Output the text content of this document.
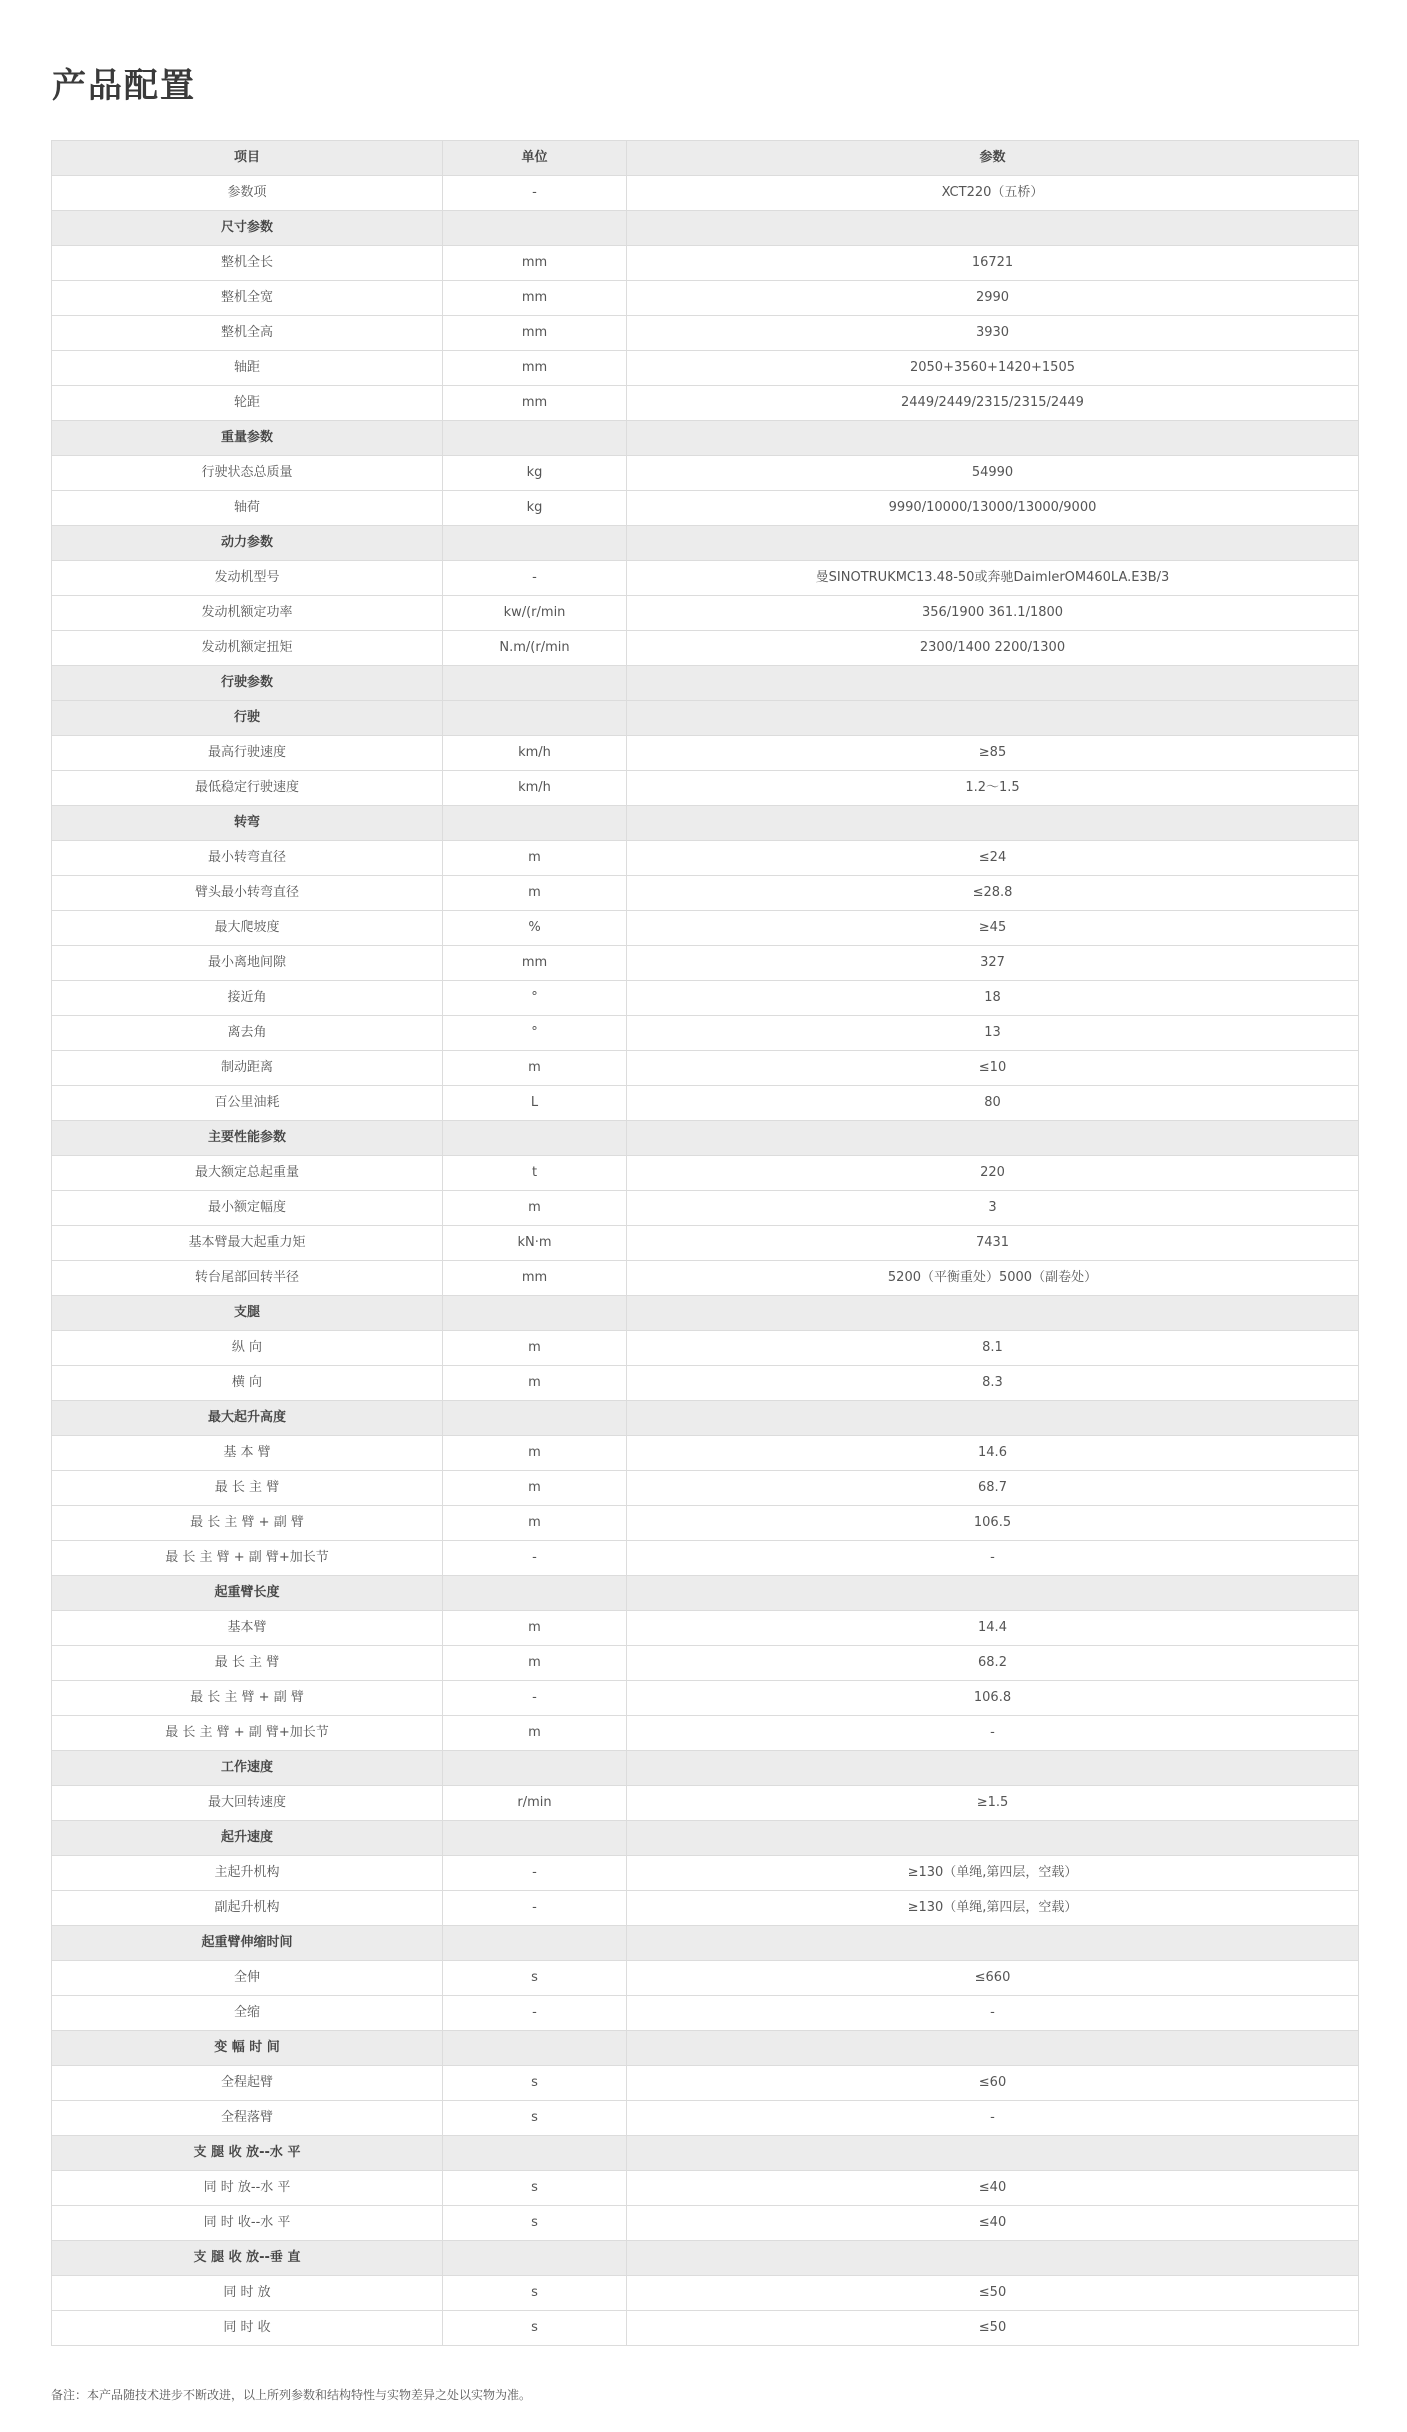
产品配置
项目	单位	参数
参数项	-	XCT220（五桥）
尺寸参数		
整机全长	mm	16721
整机全宽	mm	2990
整机全高	mm	3930
轴距	mm	2050+3560+1420+1505
轮距	mm	2449/2449/2315/2315/2449
重量参数		
行驶状态总质量	kg	54990
轴荷	kg	9990/10000/13000/13000/9000
动力参数		
发动机型号	-	曼SINOTRUKMC13.48-50或奔驰DaimlerOM460LA.E3B/3
发动机额定功率	kw/(r/min	356/1900 361.1/1800
发动机额定扭矩	N.m/(r/min	2300/1400 2200/1300
行驶参数		
行驶		
最高行驶速度	km/h	≥85
最低稳定行驶速度	km/h	1.2～1.5
转弯		
最小转弯直径	m	≤24
臂头最小转弯直径	m	≤28.8
最大爬坡度	%	≥45
最小离地间隙	mm	327
接近角	°	18
离去角	°	13
制动距离	m	≤10
百公里油耗	L	80
主要性能参数		
最大额定总起重量	t	220
最小额定幅度	m	3
基本臂最大起重力矩	kN·m	7431
转台尾部回转半径	mm	5200（平衡重处）5000（副卷处）
支腿		
纵 向	m	8.1
横 向	m	8.3
最大起升高度		
基 本 臂	m	14.6
最 长 主 臂	m	68.7
最 长 主 臂 + 副 臂	m	106.5
最 长 主 臂 + 副 臂+加长节	-	-
起重臂长度		
基本臂	m	14.4
最 长 主 臂	m	68.2
最 长 主 臂 + 副 臂	-	106.8
最 长 主 臂 + 副 臂+加长节	m	-
工作速度		
最大回转速度	r/min	≥1.5
起升速度		
主起升机构	-	≥130（单绳,第四层，空载）
副起升机构	-	≥130（单绳,第四层，空载）
起重臂伸缩时间		
全伸	s	≤660
全缩	-	-
变 幅 时 间		
全程起臂	s	≤60
全程落臂	s	-
支 腿 收 放--水 平		
同 时 放--水 平	s	≤40
同 时 收--水 平	s	≤40
支 腿 收 放--垂 直		
同 时 放	s	≤50
同 时 收	s	≤50

备注：本产品随技术进步不断改进，以上所列参数和结构特性与实物差异之处以实物为准。
